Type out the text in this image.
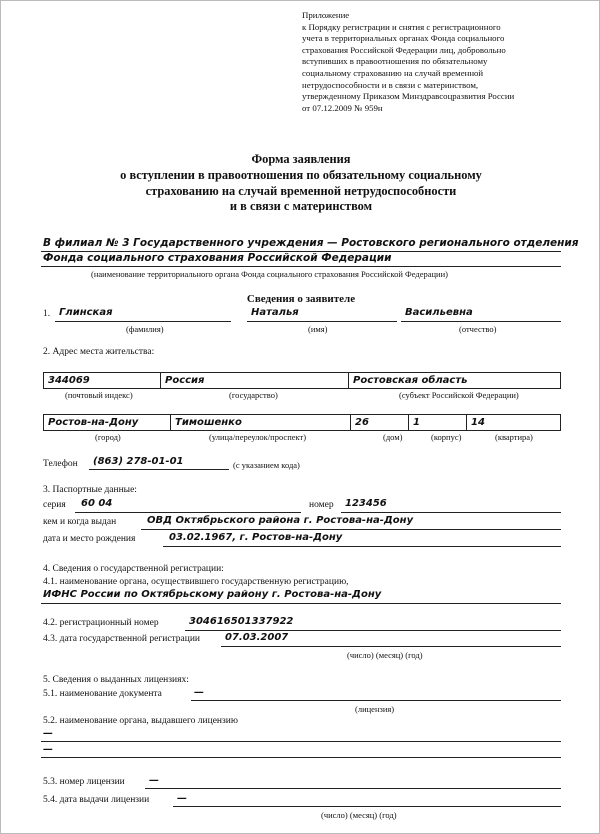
Приложение
к Порядку регистрации и снятия с регистрационного
учета в территориальных органах Фонда социального
страхования Российской Федерации лиц, добровольно
вступивших в правоотношения по обязательному
социальному страхованию на случай временной
нетрудоспособности и в связи с материнством,
утвержденному Приказом Минздравсоцразвития России
от 07.12.2009 № 959н
Форма заявления
о вступлении в правоотношения по обязательному социальному
страхованию на случай временной нетрудоспособности
и в связи с материнством
В филиал № 3 Государственного учреждения — Ростовского регионального отделения
Фонда социального страхования Российской Федерации
(наименование территориального органа Фонда социального страхования Российской Федерации)
Сведения о заявителе
1. Глинская	Наталья	Васильевна
(фамилия)	(имя)	(отчество)
2. Адрес места жительства:
344069	Россия	Ростовская область
(почтовый индекс)	(государство)	(субъект Российской Федерации)
Ростов-на-Дону	Тимошенко	26	1	14
(город)	(улица/переулок/проспект)	(дом)	(корпус)	(квартира)
Телефон (863) 278-01-01	(с указанием кода)
3. Паспортные данные:
серия 60 04	номер 123456
кем и когда выдан	ОВД Октябрьского района г. Ростова-на-Дону
дата и место рождения	03.02.1967, г. Ростов-на-Дону
4. Сведения о государственной регистрации:
4.1. наименование органа, осуществившего государственную регистрацию,
ИФНС России по Октябрьскому району г. Ростова-на-Дону
4.2. регистрационный номер	304616501337922
4.3. дата государственной регистрации 07.03.2007
(число) (месяц) (год)
5. Сведения о выданных лицензиях:
5.1. наименование документа	—
(лицензия)
5.2. наименование органа, выдавшего лицензию
—
—
5.3. номер лицензии —
5.4. дата выдачи лицензии	—
(число) (месяц) (год)
